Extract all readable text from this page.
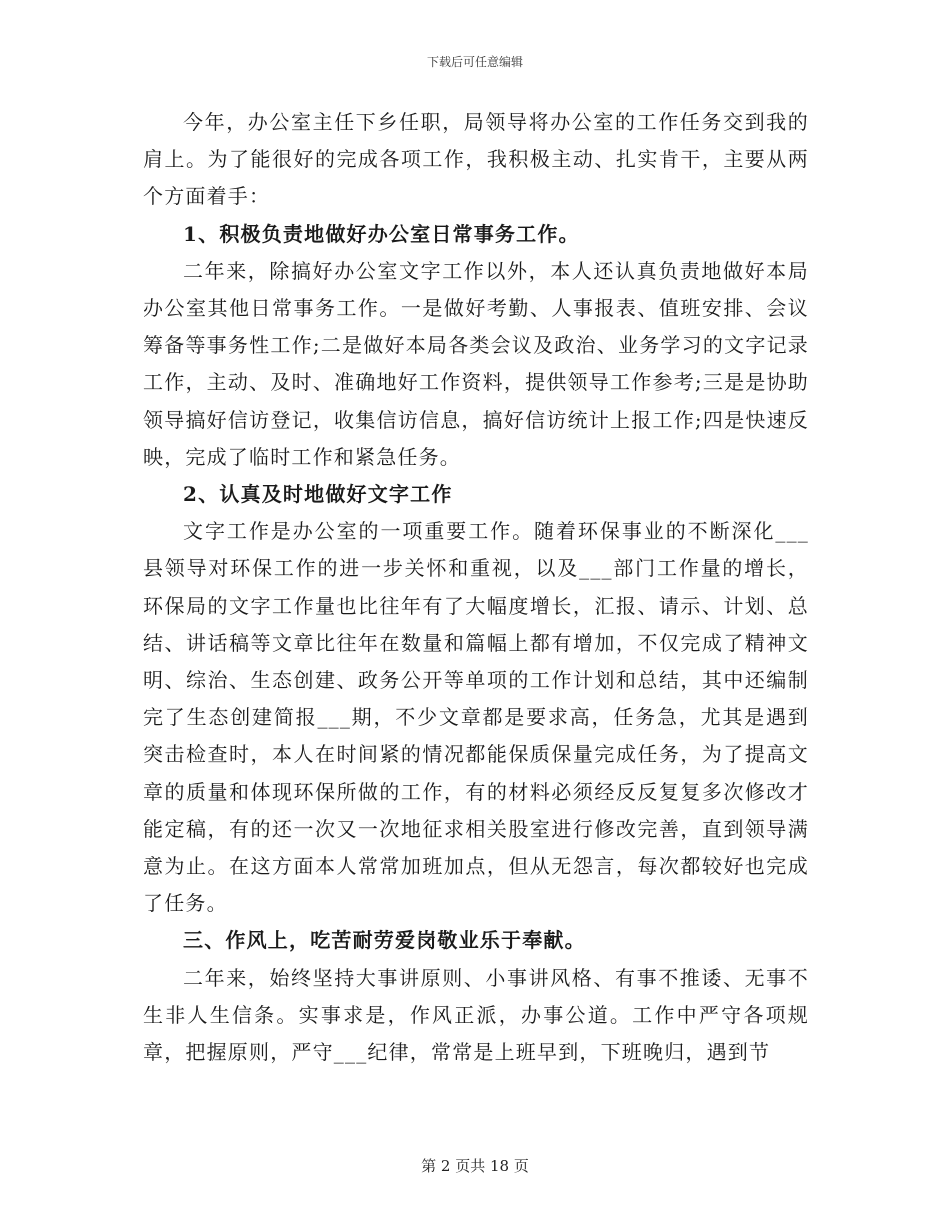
下载后可任意编辑

今年，办公室主任下乡任职，局领导将办公室的工作任务交到我的肩上。为了能很好的完成各项工作，我积极主动、扎实肯干，主要从两个方面着手：

1、积极负责地做好办公室日常事务工作。

二年来，除搞好办公室文字工作以外，本人还认真负责地做好本局办公室其他日常事务工作。一是做好考勤、人事报表、值班安排、会议筹备等事务性工作;二是做好本局各类会议及政治、业务学习的文字记录工作，主动、及时、准确地好工作资料，提供领导工作参考;三是是协助领导搞好信访登记，收集信访信息，搞好信访统计上报工作;四是快速反映，完成了临时工作和紧急任务。

2、认真及时地做好文字工作

文字工作是办公室的一项重要工作。随着环保事业的不断深化___县领导对环保工作的进一步关怀和重视，以及___部门工作量的增长，环保局的文字工作量也比往年有了大幅度增长，汇报、请示、计划、总结、讲话稿等文章比往年在数量和篇幅上都有增加，不仅完成了精神文明、综治、生态创建、政务公开等单项的工作计划和总结，其中还编制完了生态创建简报___期，不少文章都是要求高，任务急，尤其是遇到突击检查时，本人在时间紧的情况都能保质保量完成任务，为了提高文章的质量和体现环保所做的工作，有的材料必须经反反复复多次修改才能定稿，有的还一次又一次地征求相关股室进行修改完善，直到领导满意为止。在这方面本人常常加班加点，但从无怨言，每次都较好也完成了任务。

三、作风上，吃苦耐劳爱岗敬业乐于奉献。

二年来，始终坚持大事讲原则、小事讲风格、有事不推诿、无事不生非人生信条。实事求是，作风正派，办事公道。工作中严守各项规章，把握原则，严守___纪律，常常是上班早到，下班晚归，遇到节

第 2 页共 18 页
